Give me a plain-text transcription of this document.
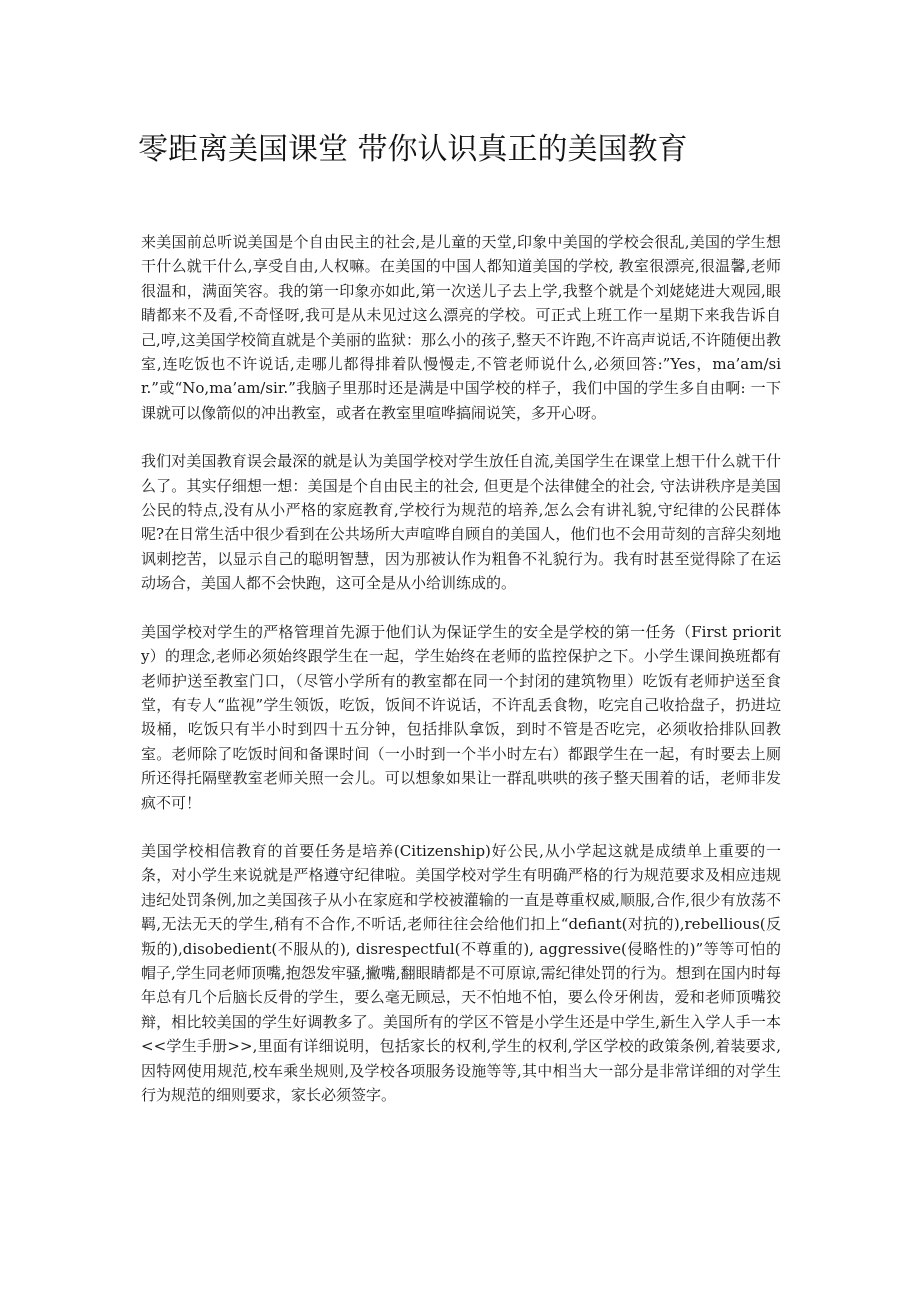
零距离美国课堂 带你认识真正的美国教育

来美国前总听说美国是个自由民主的社会,是儿童的天堂,印象中美国的学校会很乱,美国的学生想干什么就干什么,享受自由,人权嘛。在美国的中国人都知道美国的学校, 教室很漂亮,很温馨,老师很温和，满面笑容。我的第一印象亦如此,第一次送儿子去上学,我整个就是个刘姥姥进大观园,眼睛都来不及看,不奇怪呀,我可是从未见过这么漂亮的学校。可正式上班工作一星期下来我告诉自己,哼,这美国学校简直就是个美丽的监狱：那么小的孩子,整天不许跑,不许高声说话,不许随便出教室,连吃饭也不许说话,走哪儿都得排着队慢慢走,不管老师说什么,必须回答:”Yes，ma’am/sir.”或“No,ma’am/sir.”我脑子里那时还是满是中国学校的样子，我们中国的学生多自由啊: 一下课就可以像箭似的冲出教室，或者在教室里喧哗搞闹说笑，多开心呀。

我们对美国教育误会最深的就是认为美国学校对学生放任自流,美国学生在课堂上想干什么就干什么了。其实仔细想一想：美国是个自由民主的社会, 但更是个法律健全的社会, 守法讲秩序是美国公民的特点,没有从小严格的家庭教育,学校行为规范的培养,怎么会有讲礼貌,守纪律的公民群体呢?在日常生活中很少看到在公共场所大声喧哗自顾自的美国人，他们也不会用苛刻的言辞尖刻地讽刺挖苦，以显示自己的聪明智慧，因为那被认作为粗鲁不礼貌行为。我有时甚至觉得除了在运动场合，美国人都不会快跑，这可全是从小给训练成的。

美国学校对学生的严格管理首先源于他们认为保证学生的安全是学校的第一任务（First priority）的理念,老师必须始终跟学生在一起，学生始终在老师的监控保护之下。小学生课间换班都有老师护送至教室门口，（尽管小学所有的教室都在同一个封闭的建筑物里）吃饭有老师护送至食堂，有专人“监视”学生领饭，吃饭，饭间不许说话，不许乱丢食物，吃完自己收拾盘子，扔进垃圾桶，吃饭只有半小时到四十五分钟，包括排队拿饭，到时不管是否吃完，必须收拾排队回教室。老师除了吃饭时间和备课时间（一小时到一个半小时左右）都跟学生在一起，有时要去上厕所还得托隔壁教室老师关照一会儿。可以想象如果让一群乱哄哄的孩子整天围着的话，老师非发疯不可！

美国学校相信教育的首要任务是培养(Citizenship)好公民,从小学起这就是成绩单上重要的一条，对小学生来说就是严格遵守纪律啦。美国学校对学生有明确严格的行为规范要求及相应违规违纪处罚条例,加之美国孩子从小在家庭和学校被灌输的一直是尊重权威,顺服,合作,很少有放荡不羁,无法无天的学生,稍有不合作,不听话,老师往往会给他们扣上“defiant(对抗的),rebellious(反叛的),disobedient(不服从的), disrespectful(不尊重的), aggressive(侵略性的)”等等可怕的帽子,学生同老师顶嘴,抱怨发牢骚,撇嘴,翻眼睛都是不可原谅,需纪律处罚的行为。想到在国内时每年总有几个后脑长反骨的学生，要么毫无顾忌，天不怕地不怕，要么伶牙俐齿，爱和老师顶嘴狡辩，相比较美国的学生好调教多了。美国所有的学区不管是小学生还是中学生,新生入学人手一本<<学生手册>>,里面有详细说明，包括家长的权利,学生的权利,学区学校的政策条例,着装要求,因特网使用规范,校车乘坐规则,及学校各项服务设施等等,其中相当大一部分是非常详细的对学生行为规范的细则要求，家长必须签字。
